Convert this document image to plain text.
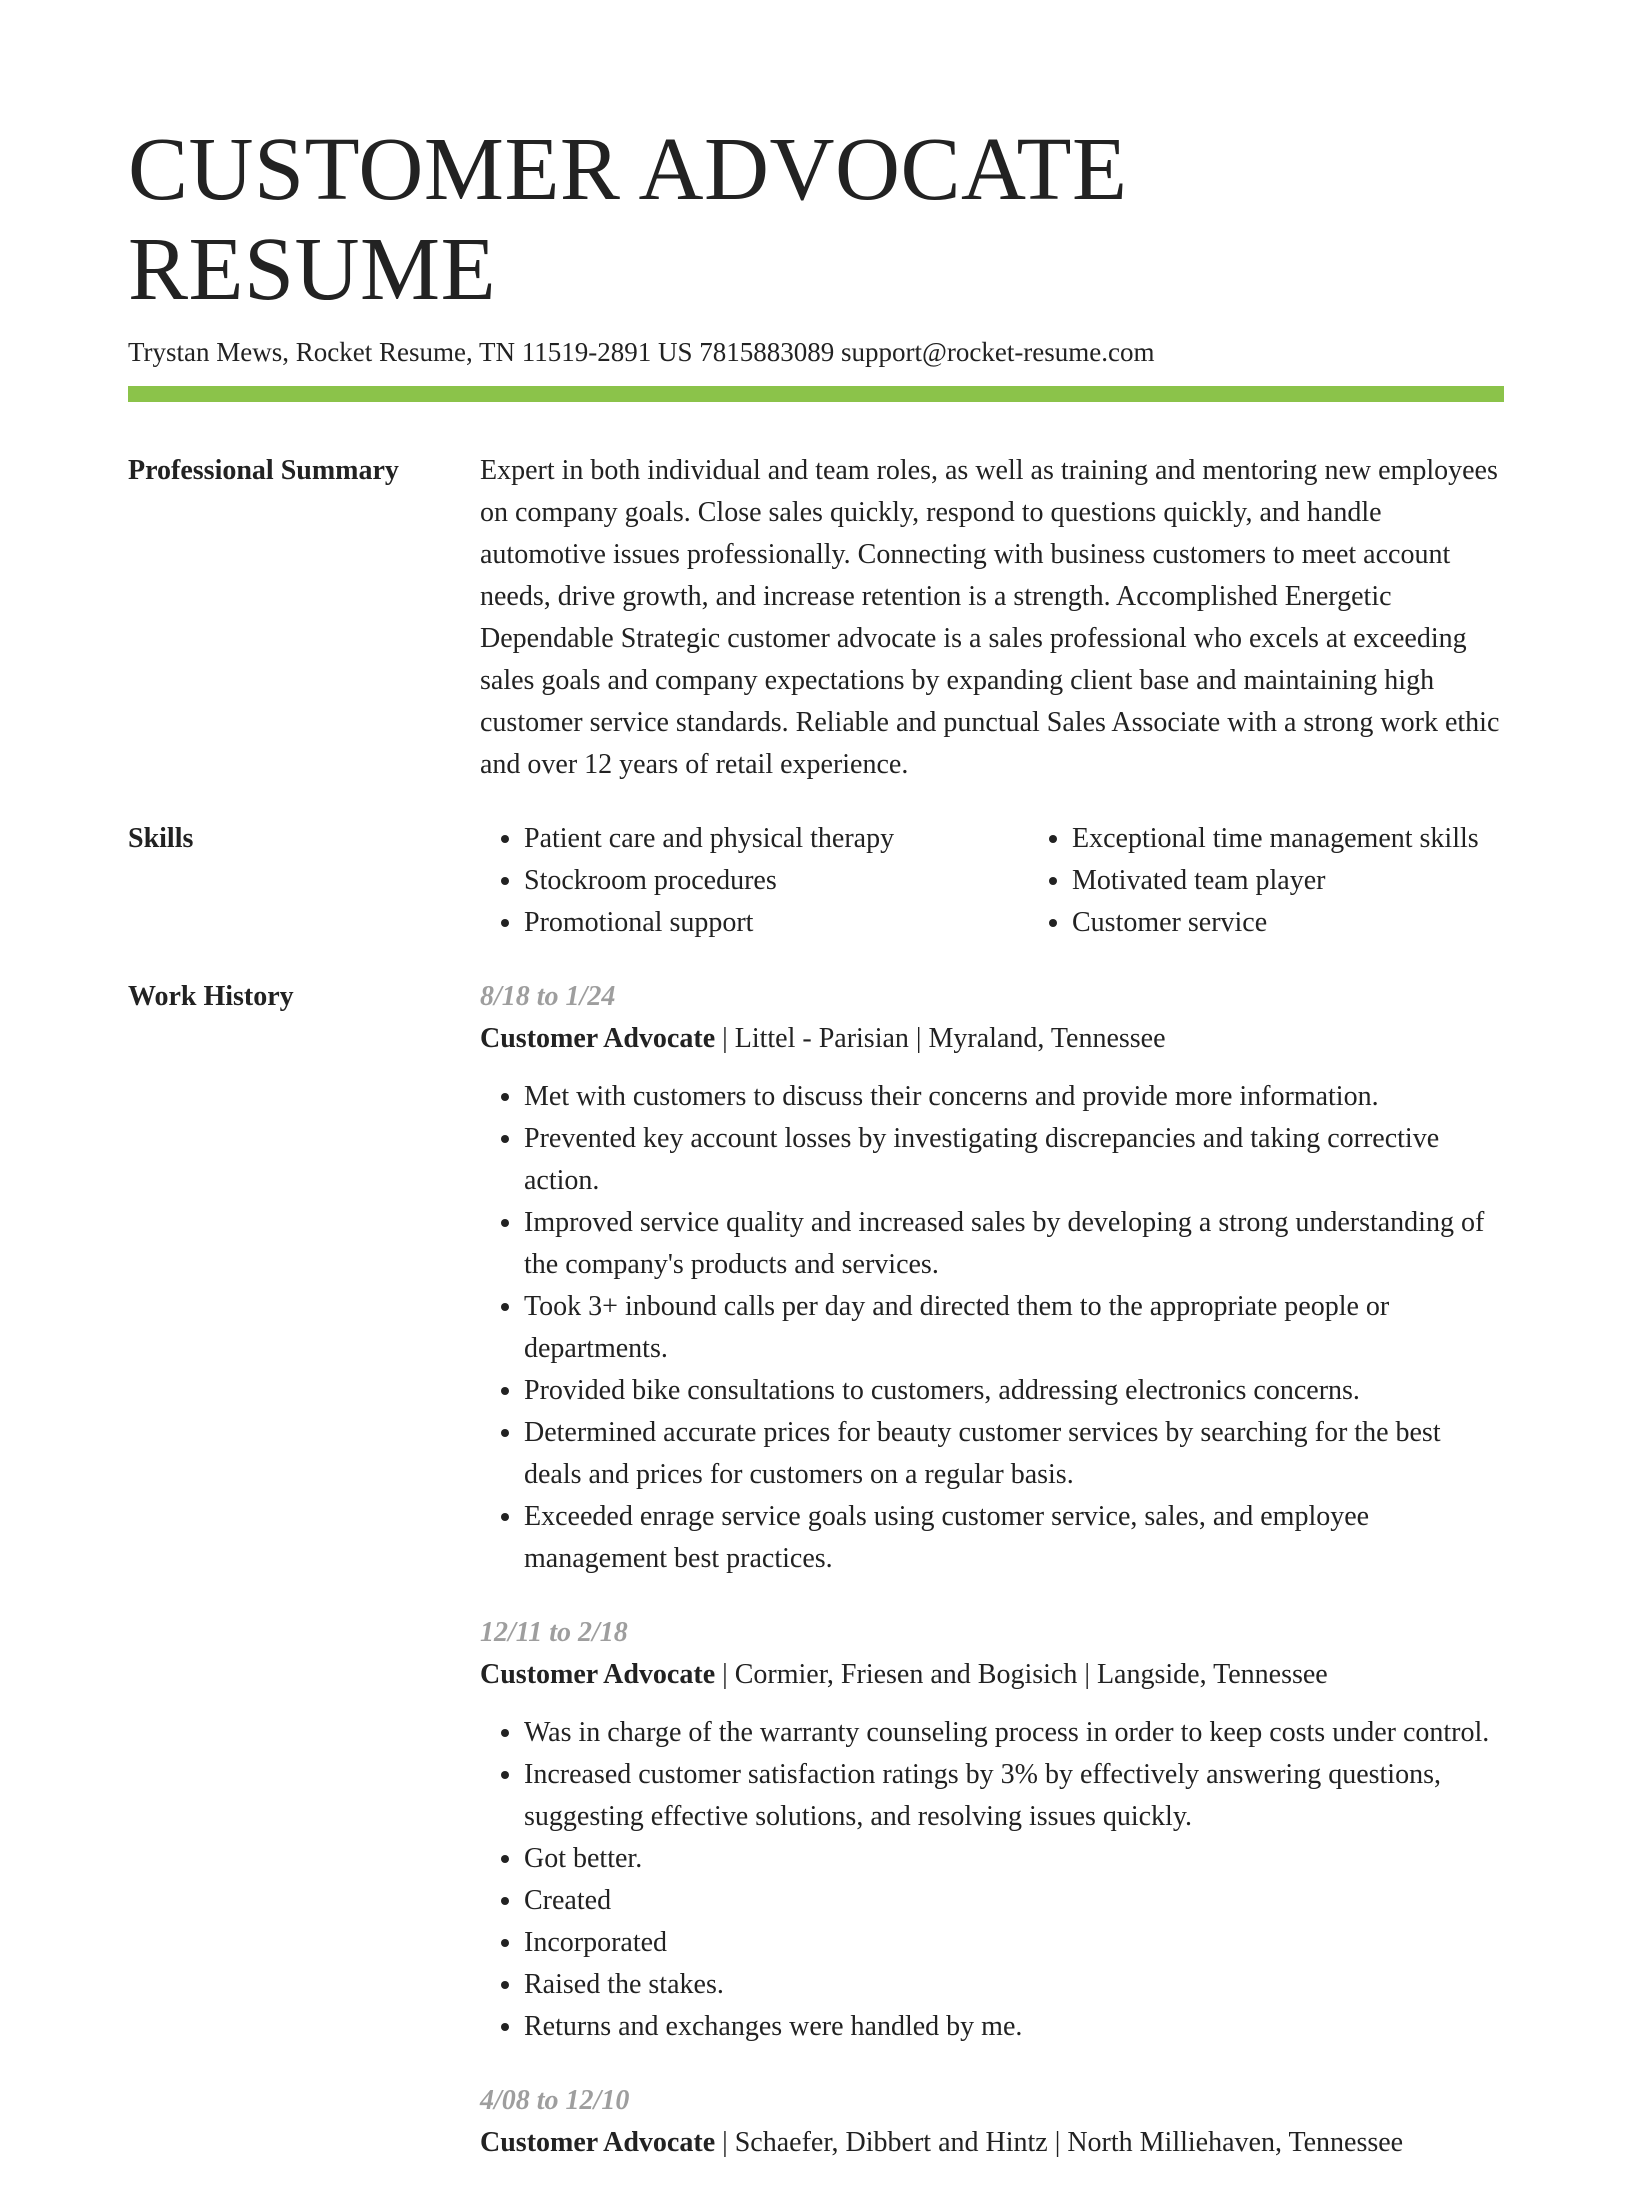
CUSTOMER ADVOCATE RESUME
Trystan Mews, Rocket Resume, TN 11519-2891 US 7815883089 support@rocket-resume.com
Professional Summary	Expert in both individual and team roles, as well as training and mentoring new employees on company goals. Close sales quickly, respond to questions quickly, and handle automotive issues professionally. Connecting with business customers to meet account needs, drive growth, and increase retention is a strength. Accomplished Energetic Dependable Strategic customer advocate is a sales professional who excels at exceeding sales goals and company expectations by expanding client base and maintaining high customer service standards. Reliable and punctual Sales Associate with a strong work ethic and over 12 years of retail experience.

Skills
•	Patient care and physical therapy
• Stockroom procedures
• Promotional support
• Exceptional time management skills
• Motivated team player
• Customer service
Work History	8/18 to 1/24
Customer Advocate | Littel - Parisian | Myraland, Tennessee
• Met with customers to discuss their concerns and provide more information.
• Prevented key account losses by investigating discrepancies and taking corrective action.
• Improved service quality and increased sales by developing a strong understanding of the company's products and services.
• Took 3+ inbound calls per day and directed them to the appropriate people or departments.
• Provided bike consultations to customers, addressing electronics concerns.
• Determined accurate prices for beauty customer services by searching for the best deals and prices for customers on a regular basis.
• Exceeded enrage service goals using customer service, sales, and employee management best practices.
12/11 to 2/18
Customer Advocate | Cormier, Friesen and Bogisich | Langside, Tennessee
• Was in charge of the warranty counseling process in order to keep costs under control.
• Increased customer satisfaction ratings by 3% by effectively answering questions, suggesting effective solutions, and resolving issues quickly.
• Got better.
• Created
• Incorporated
• Raised the stakes.
• Returns and exchanges were handled by me.
4/08 to 12/10
Customer Advocate | Schaefer, Dibbert and Hintz | North Milliehaven, Tennessee
